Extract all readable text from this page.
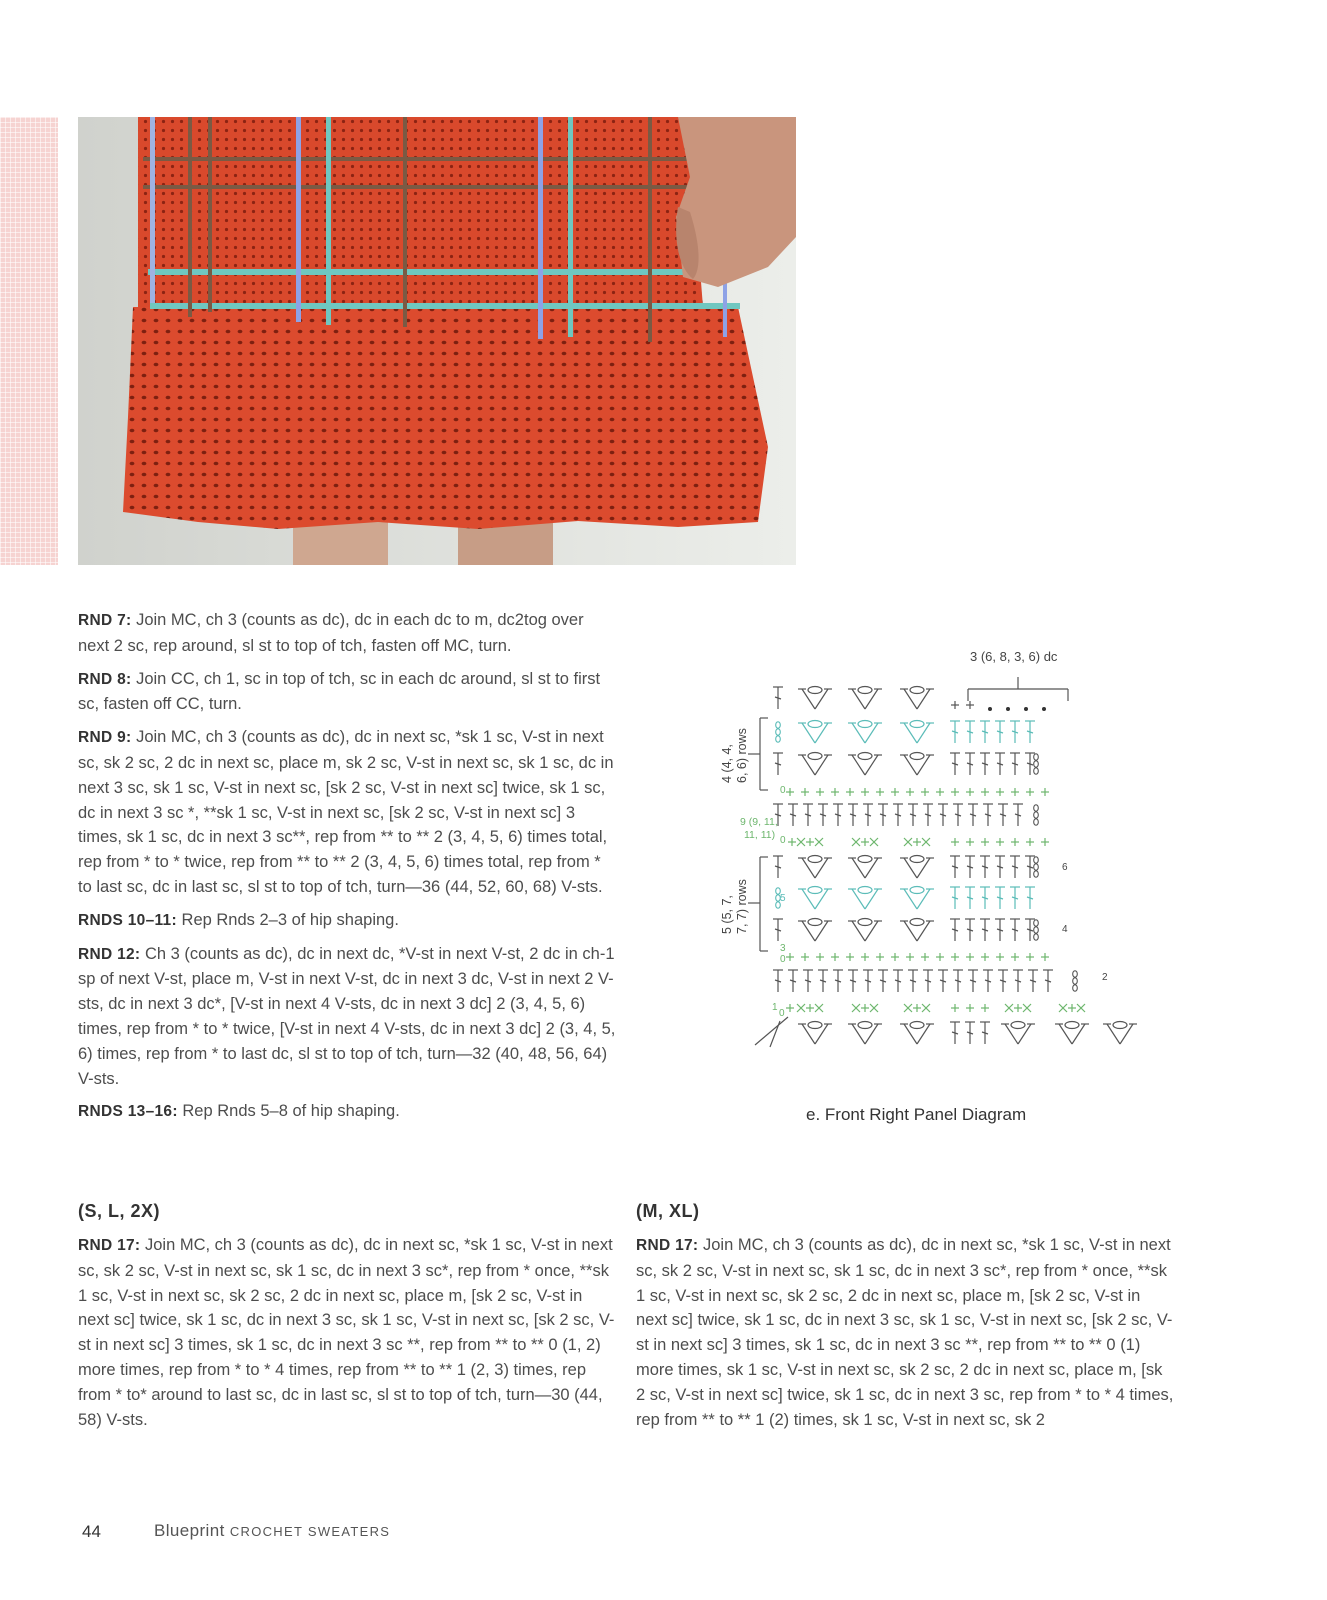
RND 7: Join MC, ch 3 (counts as dc), dc in each dc to m, dc2tog over next 2 sc, rep around, sl st to top of tch, fasten off MC, turn.

RND 8: Join CC, ch 1, sc in top of tch, sc in each dc around, sl st to first sc, fasten off CC, turn.

RND 9: Join MC, ch 3 (counts as dc), dc in next sc, *sk 1 sc, V-st in next sc, sk 2 sc, 2 dc in next sc, place m, sk 2 sc, V-st in next sc, sk 1 sc, dc in next 3 sc, sk 1 sc, V-st in next sc, [sk 2 sc, V-st in next sc] twice, sk 1 sc, dc in next 3 sc *, **sk 1 sc, V-st in next sc, [sk 2 sc, V-st in next sc] 3 times, sk 1 sc, dc in next 3 sc**, rep from ** to ** 2 (3, 4, 5, 6) times total, rep from * to * twice, rep from ** to ** 2 (3, 4, 5, 6) times total, rep from * to last sc, dc in last sc, sl st to top of tch, turn—36 (44, 52, 60, 68) V-sts.

RNDS 10–11: Rep Rnds 2–3 of hip shaping.

RND 12: Ch 3 (counts as dc), dc in next dc, *V-st in next V-st, 2 dc in ch-1 sp of next V-st, place m, V-st in next V-st, dc in next 3 dc, V-st in next 2 V-sts, dc in next 3 dc*, [V-st in next 4 V-sts, dc in next 3 dc] 2 (3, 4, 5, 6) times, rep from * to * twice, [V-st in next 4 V-sts, dc in next 3 dc] 2 (3, 4, 5, 6) times, rep from * to last dc, sl st to top of tch, turn—32 (40, 48, 56, 64) V-sts.

RNDS 13–16: Rep Rnds 5–8 of hip shaping.

(S, L, 2X)	(M, XL)

RND 17: Join MC, ch 3 (counts as dc), dc in next sc, *sk 1 sc, V-st in next sc, sk 2 sc, V-st in next sc, sk 1 sc, dc in next 3 sc*, rep from * once, **sk 1 sc, V-st in next sc, sk 2 sc, 2 dc in next sc, place m, [sk 2 sc, V-st in next sc] twice, sk 1 sc, dc in next 3 sc, sk 1 sc, V-st in next sc, [sk 2 sc, V-st in next sc] 3 times, sk 1 sc, dc in next 3 sc **, rep from ** to ** 0 (1, 2) more times, rep from * to * 4 times, rep from ** to ** 1 (2, 3) times, rep from * to* around to last sc, dc in last sc, sl st to top of tch, turn—30 (44, 58) V-sts.

RND 17: Join MC, ch 3 (counts as dc), dc in next sc, *sk 1 sc, V-st in next sc, sk 2 sc, V-st in next sc, sk 1 sc, dc in next 3 sc*, rep from * once, **sk 1 sc, V-st in next sc, sk 2 sc, 2 dc in next sc, place m, [sk 2 sc, V-st in next sc] twice, sk 1 sc, dc in next 3 sc, sk 1 sc, V-st in next sc, [sk 2 sc, V-st in next sc] 3 times, sk 1 sc, dc in next 3 sc **, rep from ** to ** 0 (1) more times, sk 1 sc, V-st in next sc, sk 2 sc, 2 dc in next sc, place m, [sk 2 sc, V-st in next sc] twice, sk 1 sc, dc in next 3 sc, rep from * to * 4 times, rep from ** to ** 1 (2) times, sk 1 sc, V-st in next sc, sk 2

3 (6, 8, 3, 6) dc
4 (4, 4, 6, 6) rows
5 (5, 7, 7, 7) rows
9 (9, 11,
11, 11) 0
0
5
3
0
1
0
6
4
2
e. Front Right Panel Diagram
44	Blueprint CROCHET SWEATERS
